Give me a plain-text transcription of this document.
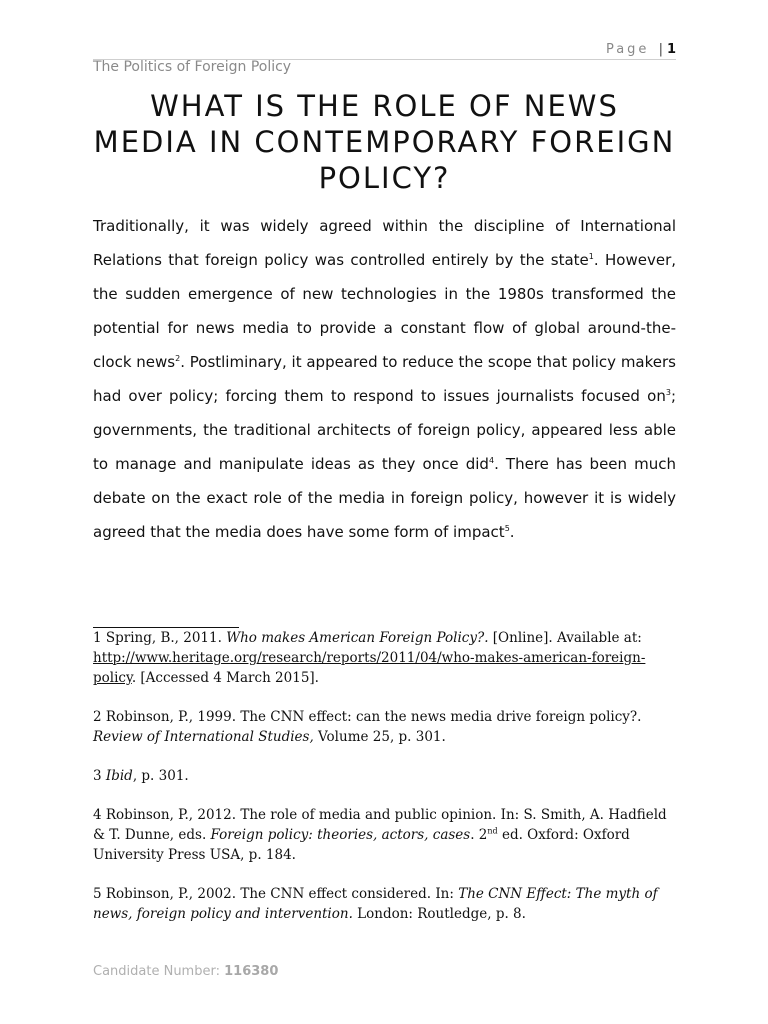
Page | 1
The Politics of Foreign Policy
WHAT IS THE ROLE OF NEWS MEDIA IN CONTEMPORARY FOREIGN POLICY?

Traditionally, it was widely agreed within the discipline of International Relations that foreign policy was controlled entirely by the state$^1$. However, the sudden emergence of new technologies in the 1980s transformed the potential for news media to provide a constant flow of global around-the-clock news$^2$. Postliminary, it appeared to reduce the scope that policy makers had over policy; forcing them to respond to issues journalists focused $on^3$; governments, the traditional architects of foreign policy, appeared less able to manage and manipulate ideas as they once did$^4$. There has been much debate on the exact role of the media in foreign policy, however it is widely agreed that the media does have some form of impact$^5$.

1 Spring, B., 2011. Who makes American Foreign Policy?. [Online]. Available at: http://www.heritage.org/research/reports/2011/04/who-makes-american-foreign-policy. [Accessed 4 March 2015].

2 Robinson, P., 1999. The CNN effect: can the news media drive foreign policy?. Review of International Studies, Volume 25, p. 301.

3 Ibid, p. 301.

4 Robinson, P., 2012. The role of media and public opinion. In: S. Smith, A. Hadfield & T. Dunne, eds. Foreign policy: theories, actors, cases. 2nd ed. Oxford: Oxford University Press USA, p. 184.

5 Robinson, P., 2002. The CNN effect considered. In: The CNN Effect: The myth of news, foreign policy and intervention. London: Routledge, p. 8.

Candidate Number: 116380
